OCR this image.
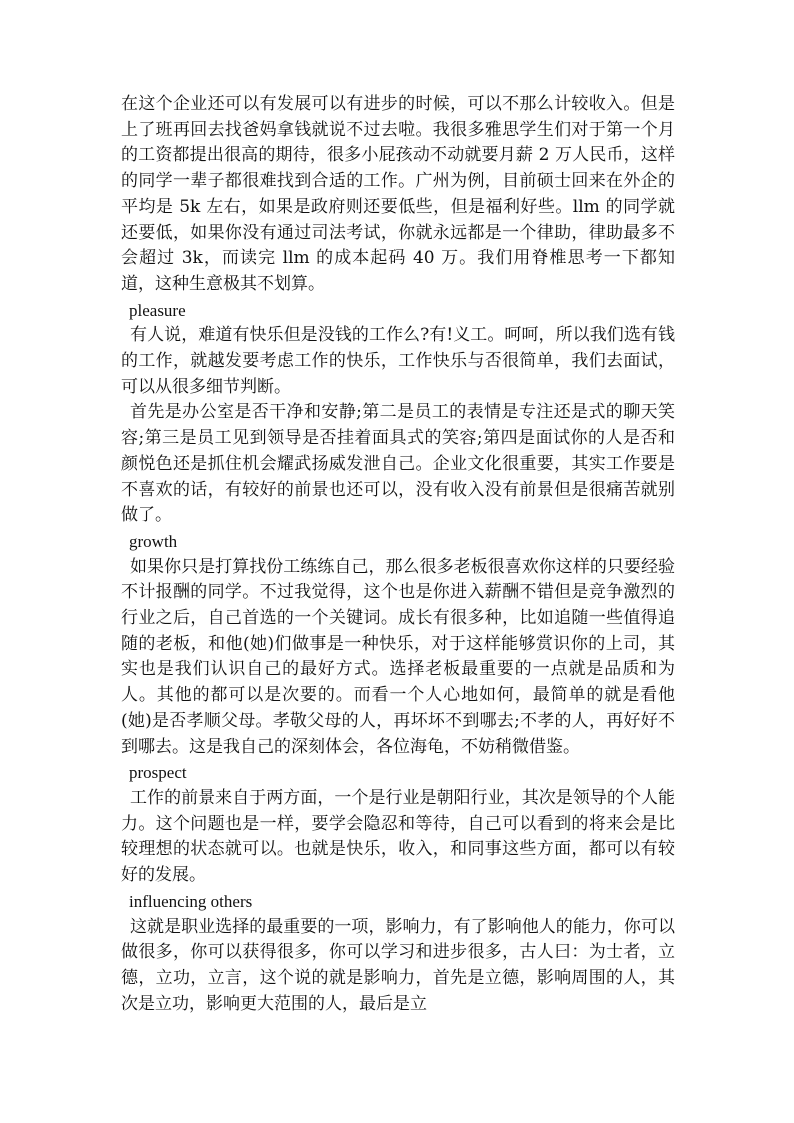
在这个企业还可以有发展可以有进步的时候，可以不那么计较收入。但是上了班再回去找爸妈拿钱就说不过去啦。我很多雅思学生们对于第一个月的工资都提出很高的期待，很多小屁孩动不动就要月薪 2 万人民币，这样的同学一辈子都很难找到合适的工作。广州为例，目前硕士回来在外企的平均是 5k 左右，如果是政府则还要低些，但是福利好些。llm 的同学就还要低，如果你没有通过司法考试，你就永远都是一个律助，律助最多不会超过 3k，而读完 llm 的成本起码 40 万。我们用脊椎思考一下都知道，这种生意极其不划算。

pleasure

有人说，难道有快乐但是没钱的工作么?有!义工。呵呵，所以我们选有钱的工作，就越发要考虑工作的快乐，工作快乐与否很简单，我们去面试，可以从很多细节判断。

首先是办公室是否干净和安静;第二是员工的表情是专注还是式的聊天笑容;第三是员工见到领导是否挂着面具式的笑容;第四是面试你的人是否和颜悦色还是抓住机会耀武扬威发泄自己。企业文化很重要，其实工作要是不喜欢的话，有较好的前景也还可以，没有收入没有前景但是很痛苦就别做了。

growth

如果你只是打算找份工练练自己，那么很多老板很喜欢你这样的只要经验不计报酬的同学。不过我觉得，这个也是你进入薪酬不错但是竞争激烈的行业之后，自己首选的一个关键词。成长有很多种，比如追随一些值得追随的老板，和他(她)们做事是一种快乐，对于这样能够赏识你的上司，其实也是我们认识自己的最好方式。选择老板最重要的一点就是品质和为人。其他的都可以是次要的。而看一个人心地如何，最简单的就是看他(她)是否孝顺父母。孝敬父母的人，再坏坏不到哪去;不孝的人，再好好不到哪去。这是我自己的深刻体会，各位海龟，不妨稍微借鉴。

prospect

工作的前景来自于两方面，一个是行业是朝阳行业，其次是领导的个人能力。这个问题也是一样，要学会隐忍和等待，自己可以看到的将来会是比较理想的状态就可以。也就是快乐，收入，和同事这些方面，都可以有较好的发展。

influencing others

这就是职业选择的最重要的一项，影响力，有了影响他人的能力，你可以做很多，你可以获得很多，你可以学习和进步很多，古人曰：为士者，立德，立功，立言，这个说的就是影响力，首先是立德，影响周围的人，其次是立功，影响更大范围的人，最后是立
